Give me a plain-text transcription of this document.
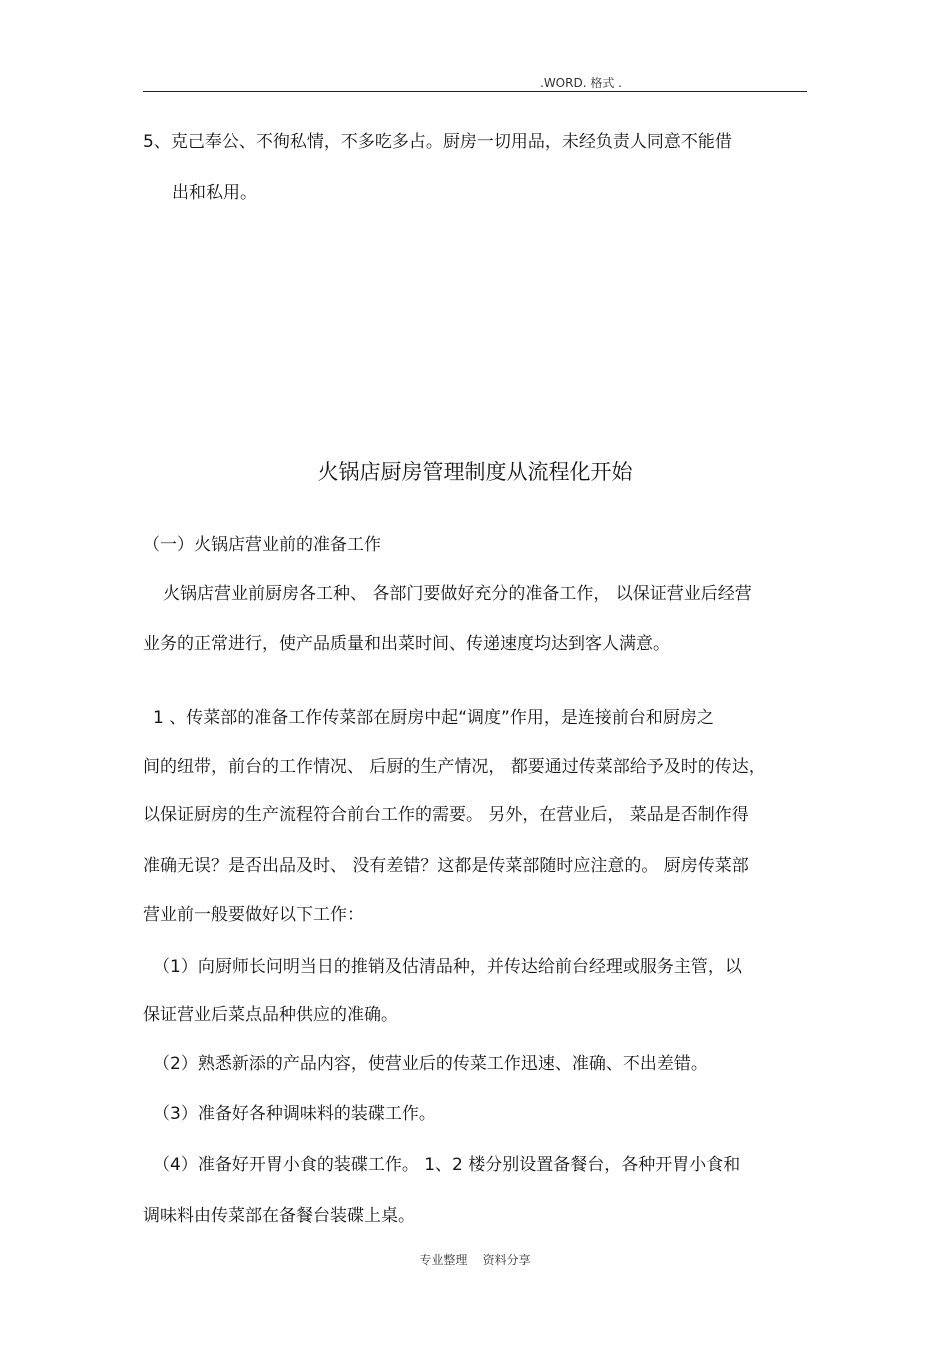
.WORD. 格式 .
5、克己奉公、不徇私情，不多吃多占。厨房一切用品，未经负责人同意不能借
出和私用。
火锅店厨房管理制度从流程化开始
（一）火锅店营业前的准备工作
火锅店营业前厨房各工种、 各部门要做好充分的准备工作， 以保证营业后经营
业务的正常进行，使产品质量和出菜时间、传递速度均达到客人满意。
1 、传菜部的准备工作传菜部在厨房中起“调度”作用，是连接前台和厨房之
间的纽带，前台的工作情况、 后厨的生产情况， 都要通过传菜部给予及时的传达，
以保证厨房的生产流程符合前台工作的需要。 另外，在营业后， 菜品是否制作得
准确无误？是否出品及时、 没有差错？这都是传菜部随时应注意的。 厨房传菜部
营业前一般要做好以下工作：
（1）向厨师长问明当日的推销及估清品种，并传达给前台经理或服务主管，以
保证营业后菜点品种供应的准确。
（2）熟悉新添的产品内容，使营业后的传菜工作迅速、准确、不出差错。
（3）准备好各种调味料的装碟工作。
（4）准备好开胃小食的装碟工作。 1、2 楼分别设置备餐台，各种开胃小食和
调味料由传菜部在备餐台装碟上桌。
专业整理    资料分享
